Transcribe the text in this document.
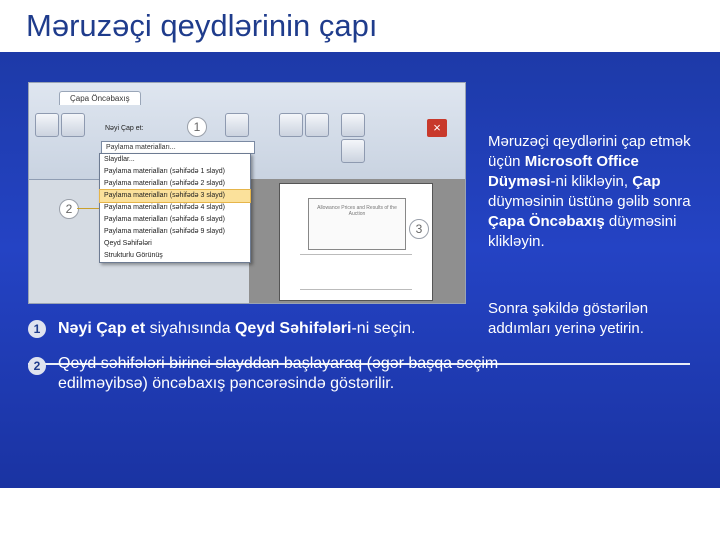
Məruzəçi qeydlərinin çapı
Çapa Öncəbaxış
Nəyi Çap et:
Paylama materialları...
×
Allowance Prices and Results of the Auction
Slaydlar...
Paylama materialları (səhifədə 1 slayd)
Paylama materialları (səhifədə 2 slayd)
Paylama materialları (səhifədə 3 slayd)
Paylama materialları (səhifədə 4 slayd)
Paylama materialları (səhifədə 6 slayd)
Paylama materialları (səhifədə 9 slayd)
Qeyd Səhifələri
Strukturlu Görünüş
1
2
3
Məruzəçi qeydlərini çap etmək üçün Microsoft Office Düyməsi-ni klikləyin, Çap düyməsinin üstünə gəlib sonra Çapa Öncəbaxış düyməsini klikləyin.
Sonra şəkildə göstərilən addımları yerinə yetirin.
1	Nəyi Çap et siyahısında Qeyd Səhifələri-ni seçin.
2	Qeyd səhifələri birinci slayddan başlayaraq (əgər başqa seçim edilməyibsə) öncəbaxış pəncərəsində göstərilir.
